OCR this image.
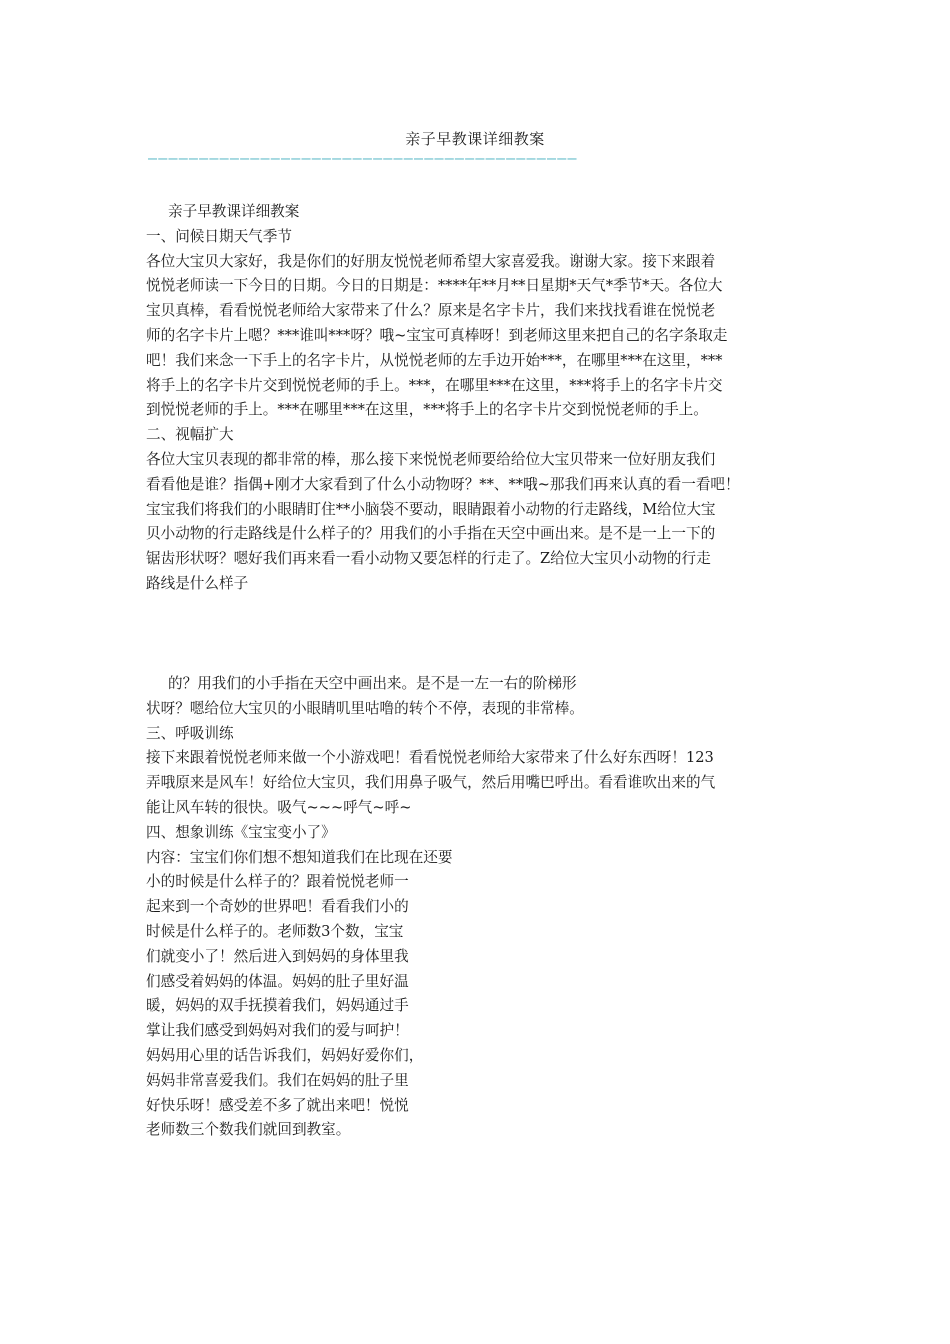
亲子早教课详细教案
——————————————————————————————————————————
亲子早教课详细教案
一、问候日期天气季节
各位大宝贝大家好，我是你们的好朋友悦悦老师希望大家喜爱我。谢谢大家。接下来跟着
悦悦老师读一下今日的日期。今日的日期是：****年**月**日星期*天气*季节*天。各位大
宝贝真棒，看看悦悦老师给大家带来了什么？原来是名字卡片，我们来找找看谁在悦悦老
师的名字卡片上嗯？***谁叫***呀？哦~宝宝可真棒呀！到老师这里来把自己的名字条取走
吧！我们来念一下手上的名字卡片，从悦悦老师的左手边开始***，在哪里***在这里，***
将手上的名字卡片交到悦悦老师的手上。***，在哪里***在这里，***将手上的名字卡片交
到悦悦老师的手上。***在哪里***在这里，***将手上的名字卡片交到悦悦老师的手上。
二、视幅扩大
各位大宝贝表现的都非常的棒，那么接下来悦悦老师要给给位大宝贝带来一位好朋友我们
看看他是谁？指偶+刚才大家看到了什么小动物呀？**、**哦~那我们再来认真的看一看吧！
宝宝我们将我们的小眼睛盯住**小脑袋不要动，眼睛跟着小动物的行走路线，M给位大宝
贝小动物的行走路线是什么样子的？用我们的小手指在天空中画出来。是不是一上一下的
锯齿形状呀？嗯好我们再来看一看小动物又要怎样的行走了。Z给位大宝贝小动物的行走
路线是什么样子
的？用我们的小手指在天空中画出来。是不是一左一右的阶梯形
状呀？嗯给位大宝贝的小眼睛叽里咕噜的转个不停，表现的非常棒。
三、呼吸训练
接下来跟着悦悦老师来做一个小游戏吧！看看悦悦老师给大家带来了什么好东西呀！123
弄哦原来是风车！好给位大宝贝，我们用鼻子吸气，然后用嘴巴呼出。看看谁吹出来的气
能让风车转的很快。吸气~~~呼气~呼~
四、想象训练《宝宝变小了》
内容：宝宝们你们想不想知道我们在比现在还要
小的时候是什么样子的？跟着悦悦老师一
起来到一个奇妙的世界吧！看看我们小的
时候是什么样子的。老师数3个数，宝宝
们就变小了！然后进入到妈妈的身体里我
们感受着妈妈的体温。妈妈的肚子里好温
暖，妈妈的双手抚摸着我们，妈妈通过手
掌让我们感受到妈妈对我们的爱与呵护！
妈妈用心里的话告诉我们，妈妈好爱你们，
妈妈非常喜爱我们。我们在妈妈的肚子里
好快乐呀！感受差不多了就出来吧！悦悦
老师数三个数我们就回到教室。
